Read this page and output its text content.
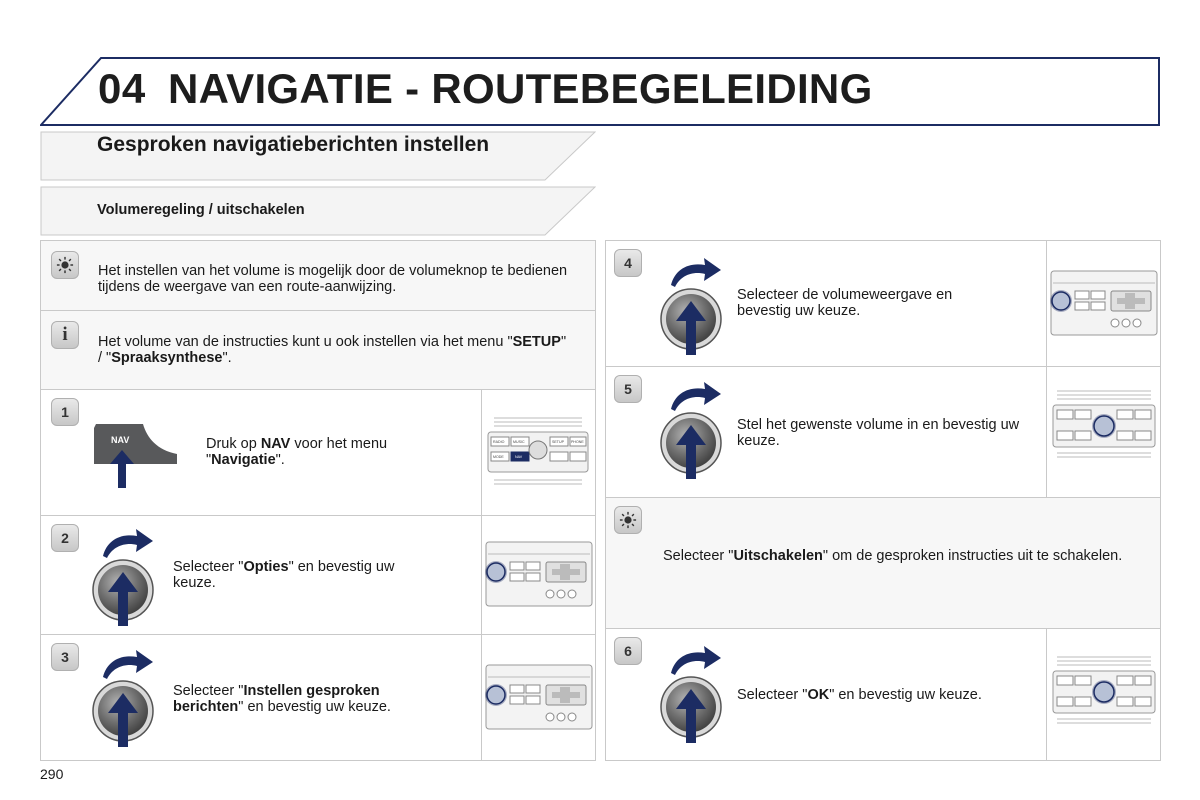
04 NAVIGATIE - ROUTEBEGELEIDING
Gesproken navigatieberichten instellen
Volumeregeling / uitschakelen
Het instellen van het volume is mogelijk door de volumeknop te bedienen tijdens de weergave van een route-aanwijzing.
i	Het volume van de instructies kunt u ook instellen via het menu "SETUP" / "Spraaksynthese".
1
NAV	Druk op NAV voor het menu "Navigatie".
RADIO MUSIC
MODE	NAV
SETUP PHONE
2
Selecteer "Opties" en bevestig uw keuze.
3
Selecteer "Instellen gesproken berichten" en bevestig uw keuze.
4
Selecteer de volumeweergave en bevestig uw keuze.
5
Stel het gewenste volume in en bevestig uw keuze.
Selecteer "Uitschakelen" om de gesproken instructies uit te schakelen.
6
Selecteer "OK" en bevestig uw keuze.
290
